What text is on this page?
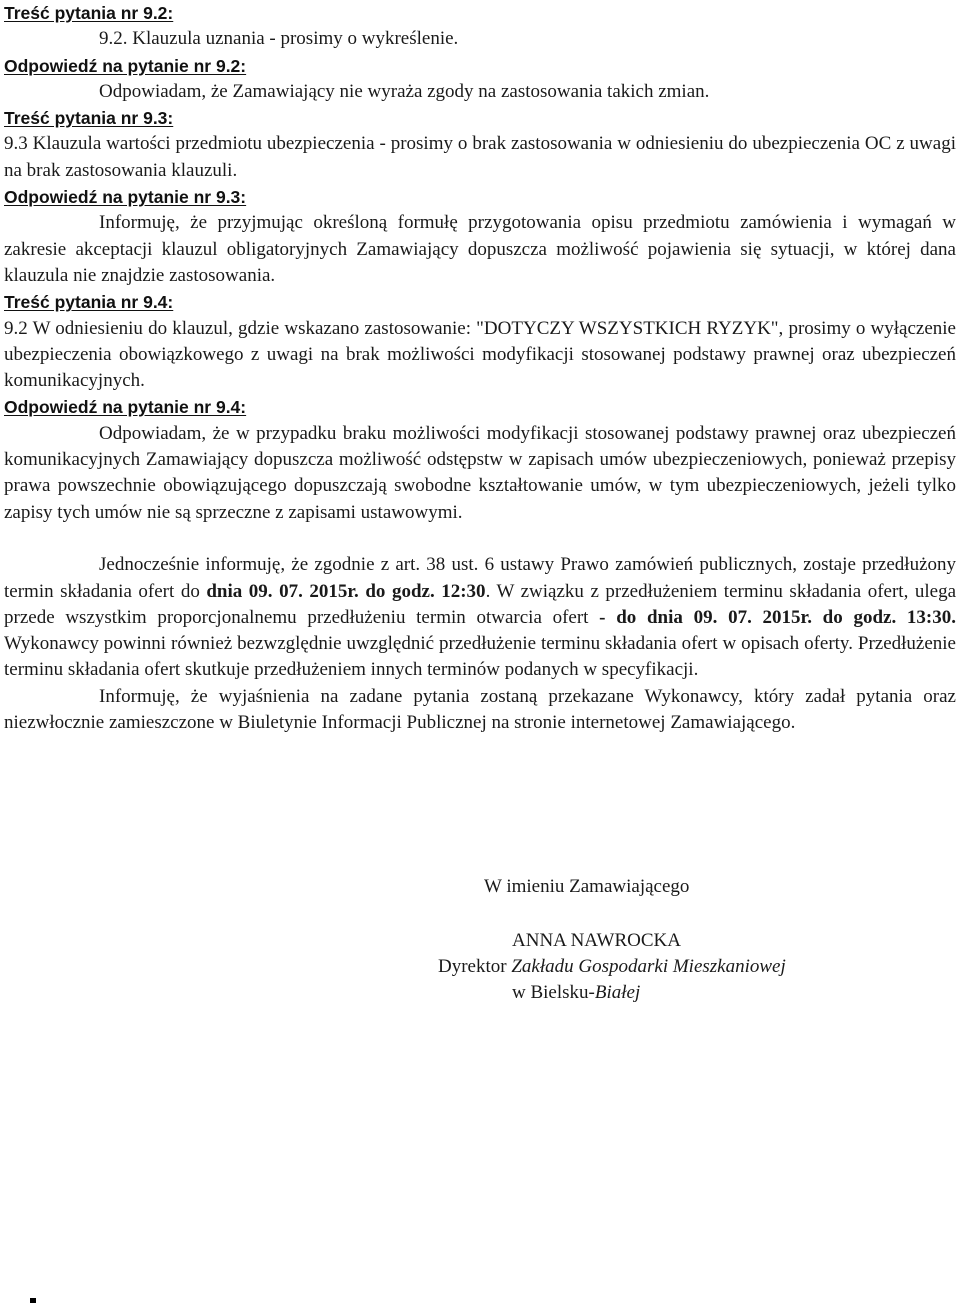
Treść pytania nr 9.2:

9.2. Klauzula uznania - prosimy o wykreślenie.

Odpowiedź na pytanie nr 9.2:

Odpowiadam, że Zamawiający nie wyraża zgody na zastosowania takich zmian.

Treść pytania nr 9.3:

9.3 Klauzula wartości przedmiotu ubezpieczenia - prosimy o brak zastosowania w odniesieniu do ubezpieczenia OC z uwagi na brak zastosowania klauzuli.

Odpowiedź na pytanie nr 9.3:

Informuję, że przyjmując określoną formułę przygotowania opisu przedmiotu zamówienia i wymagań w zakresie akceptacji klauzul obligatoryjnych Zamawiający dopuszcza możliwość pojawienia się sytuacji, w której dana klauzula nie znajdzie zastosowania.

Treść pytania nr 9.4:

9.2 W odniesieniu do klauzul, gdzie wskazano zastosowanie: "DOTYCZY WSZYSTKICH RYZYK", prosimy o wyłączenie ubezpieczenia obowiązkowego z uwagi na brak możliwości modyfikacji stosowanej podstawy prawnej oraz ubezpieczeń komunikacyjnych.

Odpowiedź na pytanie nr 9.4:

Odpowiadam, że w przypadku braku możliwości modyfikacji stosowanej podstawy prawnej oraz ubezpieczeń komunikacyjnych Zamawiający dopuszcza możliwość odstępstw w zapisach umów ubezpieczeniowych, ponieważ przepisy prawa powszechnie obowiązującego dopuszczają swobodne kształtowanie umów, w tym ubezpieczeniowych, jeżeli tylko zapisy tych umów nie są sprzeczne z zapisami ustawowymi.

Jednocześnie informuję, że zgodnie z art. 38 ust. 6 ustawy Prawo zamówień publicznych, zostaje przedłużony termin składania ofert do dnia 09. 07. 2015r. do godz. 12:30. W związku z przedłużeniem terminu składania ofert, ulega przede wszystkim proporcjonalnemu przedłużeniu termin otwarcia ofert - do dnia 09. 07. 2015r. do godz. 13:30. Wykonawcy powinni również bezwzględnie uwzględnić przedłużenie terminu składania ofert w opisach oferty. Przedłużenie terminu składania ofert skutkuje przedłużeniem innych terminów podanych w specyfikacji.

Informuję, że wyjaśnienia na zadane pytania zostaną przekazane Wykonawcy, który zadał pytania oraz niezwłocznie zamieszczone w Biuletynie Informacji Publicznej na stronie internetowej Zamawiającego.

W imieniu Zamawiającego
ANNA NAWROCKA
Dyrektor Zakładu Gospodarki Mieszkaniowej
w Bielsku-Białej
